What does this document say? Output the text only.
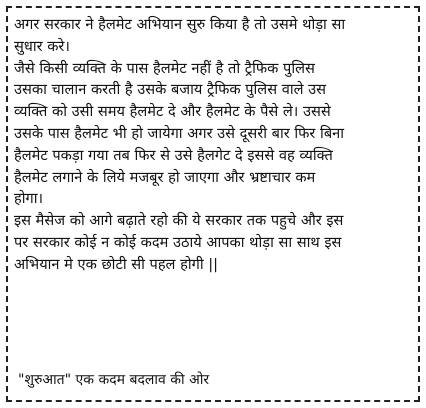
अगर सरकार ने हैलमेट अभियान सुरु किया है तो उसमे थोड़ा सा
सुधार करे।
जैसे किसी व्यक्ति के पास हैलमेट नहीं है तो ट्रैफिक पुलिस
उसका चालान करती है उसके बजाय ट्रैफिक पुलिस वाले उस
व्यक्ति को उसी समय हैलमेट दे और हैलमेट के पैसे ले। उससे
उसके पास हैलमेट भी हो जायेगा अगर उसे दूसरी बार फिर बिना
हैलमेट पकड़ा गया तब फिर से उसे हैलगेट दे इससे वह व्यक्ति
हैलमेट लगाने के लिये मजबूर हो जाएगा और भ्रष्टाचार कम
होगा।
इस मैसेज को आगे बढ़ाते रहो की ये सरकार तक पहुचे और इस
पर सरकार कोई न कोई कदम उठाये आपका थोड़ा सा साथ इस
अभियान मे एक छोटी सी पहल होगी ||
"शुरुआत" एक कदम बदलाव की ओर
